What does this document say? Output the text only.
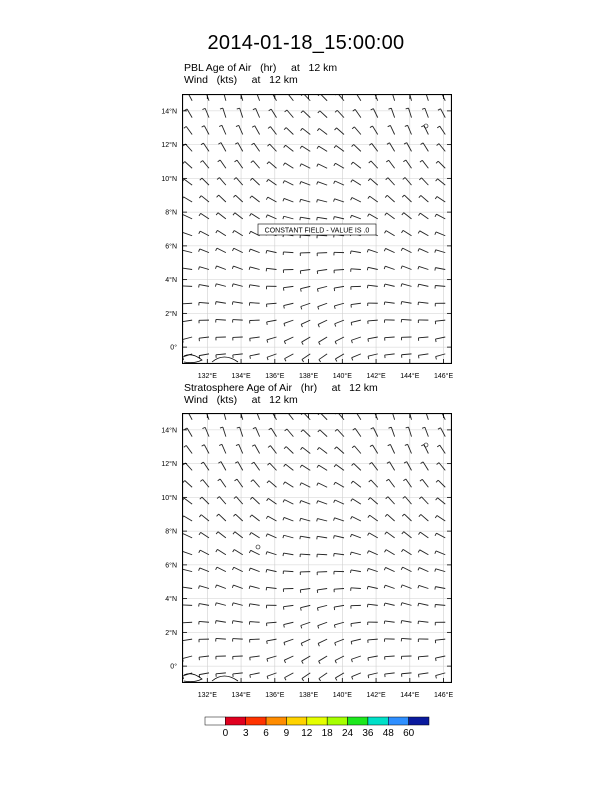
2014-01-18_15:00:00
PBL Age of Air   (hr)     at   12 km
Wind   (kts)     at   12 km
CONSTANT FIELD - VALUE IS .0
Stratosphere Age of Air   (hr)     at   12 km
Wind   (kts)     at   12 km
132°E 134°E 136°E 138°E 140°E 142°E 144°E 146°E
0°
2°N
4°N
6°N
8°N
10°N
12°N
14°N
132°E 134°E 136°E 138°E 140°E 142°E 144°E 146°E
0°
2°N
4°N
6°N
8°N
10°N
12°N
14°N
0 3 6 9 12 18 24 36 48 60
